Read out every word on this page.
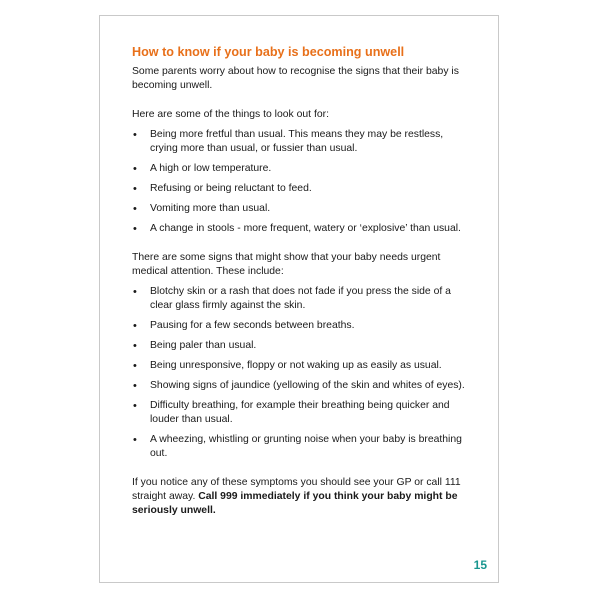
How to know if your baby is becoming unwell

Some parents worry about how to recognise the signs that their baby is becoming unwell.

Here are some of the things to look out for:

• Being more fretful than usual. This means they may be restless, crying more than usual, or fussier than usual.
• A high or low temperature.
• Refusing or being reluctant to feed.
• Vomiting more than usual.
• A change in stools - more frequent, watery or ‘explosive’ than usual.

There are some signs that might show that your baby needs urgent medical attention. These include:

• Blotchy skin or a rash that does not fade if you press the side of a clear glass firmly against the skin.
• Pausing for a few seconds between breaths.
• Being paler than usual.
• Being unresponsive, floppy or not waking up as easily as usual.
• Showing signs of jaundice (yellowing of the skin and whites of eyes).
• Difficulty breathing, for example their breathing being quicker and louder than usual.
• A wheezing, whistling or grunting noise when your baby is breathing out.

If you notice any of these symptoms you should see your GP or call 111 straight away. Call 999 immediately if you think your baby might be seriously unwell.

15
